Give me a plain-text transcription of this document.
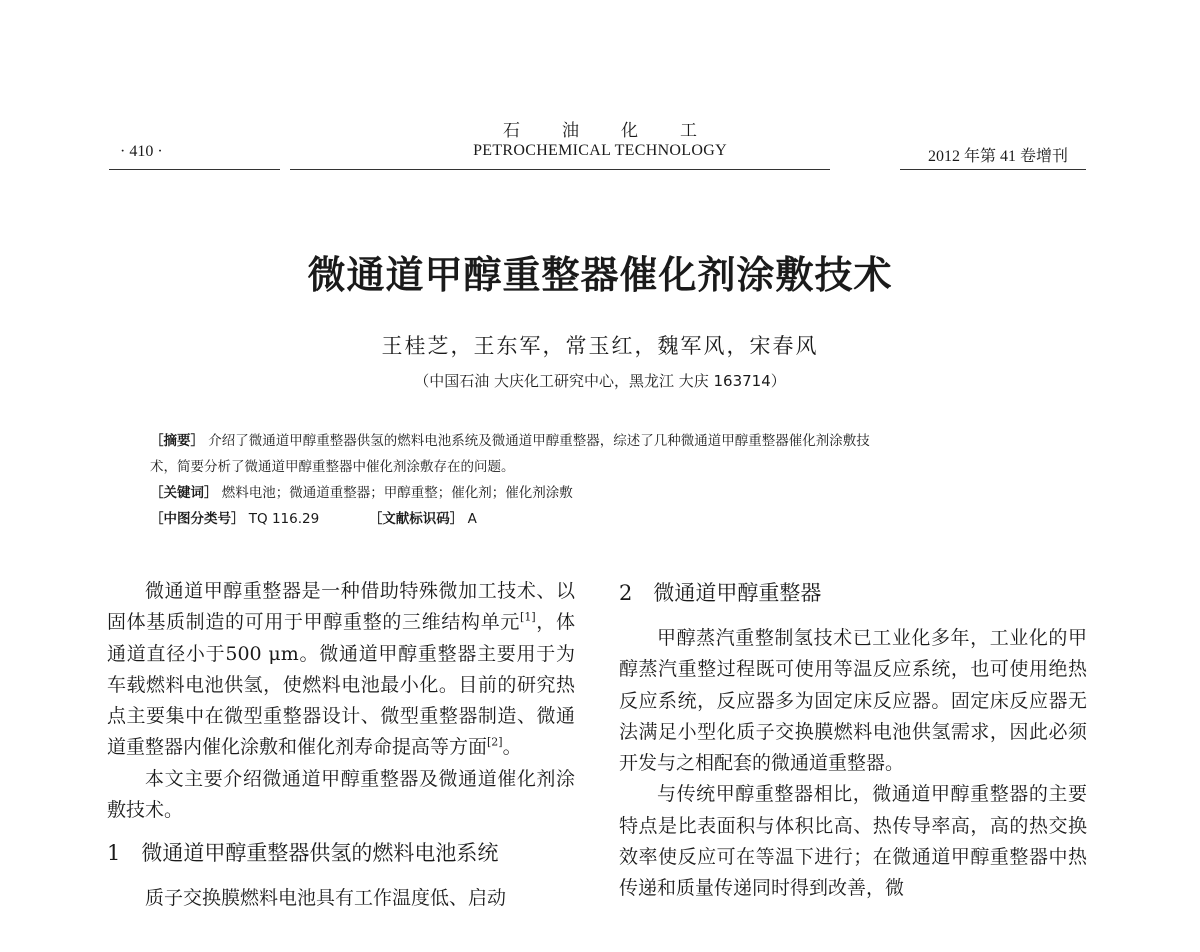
石油化工
· 410 ·	PETROCHEMICAL TECHNOLOGY	2012 年第 41 卷增刊
微通道甲醇重整器催化剂涂敷技术
王桂芝，王东军，常玉红，魏军风，宋春风
（中国石油 大庆化工研究中心，黑龙江 大庆 163714）
［摘要］ 介绍了微通道甲醇重整器供氢的燃料电池系统及微通道甲醇重整器，综述了几种微通道甲醇重整器催化剂涂敷技
术，简要分析了微通道甲醇重整器中催化剂涂敷存在的问题。
［关键词］ 燃料电池；微通道重整器；甲醇重整；催化剂；催化剂涂敷
［中图分类号］ TQ 116.29	［文献标识码］ A

微通道甲醇重整器是一种借助特殊微加工技术、以固体基质制造的可用于甲醇重整的三维结构单元[1]，体通道直径小于500 μm。微通道甲醇重整器主要用于为车载燃料电池供氢，使燃料电池最小化。目前的研究热点主要集中在微型重整器设计、微型重整器制造、微通道重整器内催化涂敷和催化剂寿命提高等方面[2]。

本文主要介绍微通道甲醇重整器及微通道催化剂涂敷技术。

1　微通道甲醇重整器供氢的燃料电池系统

质子交换膜燃料电池具有工作温度低、启动

2　微通道甲醇重整器

甲醇蒸汽重整制氢技术已工业化多年，工业化的甲醇蒸汽重整过程既可使用等温反应系统，也可使用绝热反应系统，反应器多为固定床反应器。固定床反应器无法满足小型化质子交换膜燃料电池供氢需求，因此必须开发与之相配套的微通道重整器。

与传统甲醇重整器相比，微通道甲醇重整器的主要特点是比表面积与体积比高、热传导率高，高的热交换效率使反应可在等温下进行；在微通道甲醇重整器中热传递和质量传递同时得到改善，微
